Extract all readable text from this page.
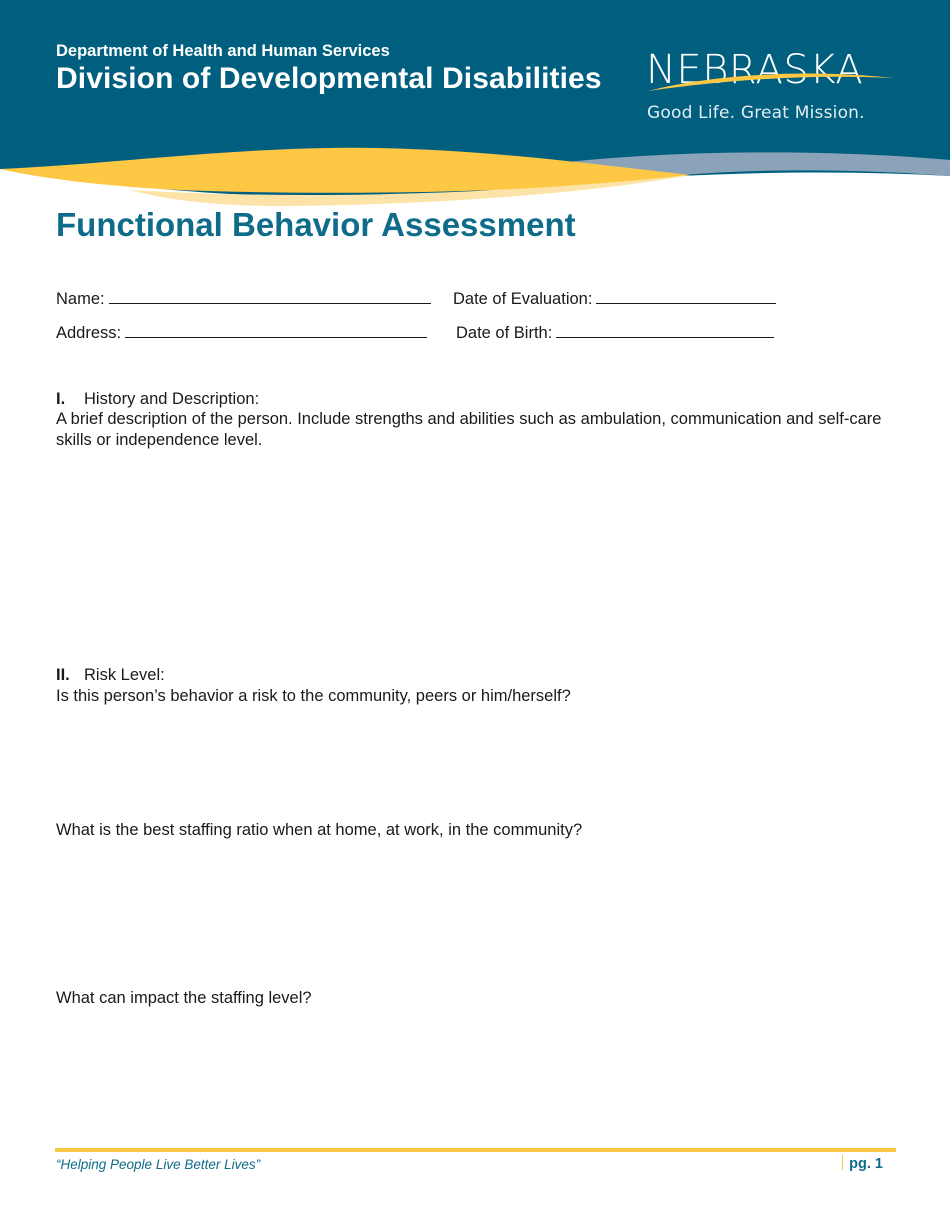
Department of Health and Human Services
Division of Developmental Disabilities NEBRASKA
Good Life. Great Mission.
Functional Behavior Assessment
Name:	Date of Evaluation:
Address:	Date of Birth:
I. History and Description:
A brief description of the person. Include strengths and abilities such as ambulation, communication and self-care skills or independence level.
II. Risk Level:
Is this person’s behavior a risk to the community, peers or him/herself?
What is the best staffing ratio when at home, at work, in the community?
What can impact the staffing level?
“Helping People Live Better Lives”	pg. 1
